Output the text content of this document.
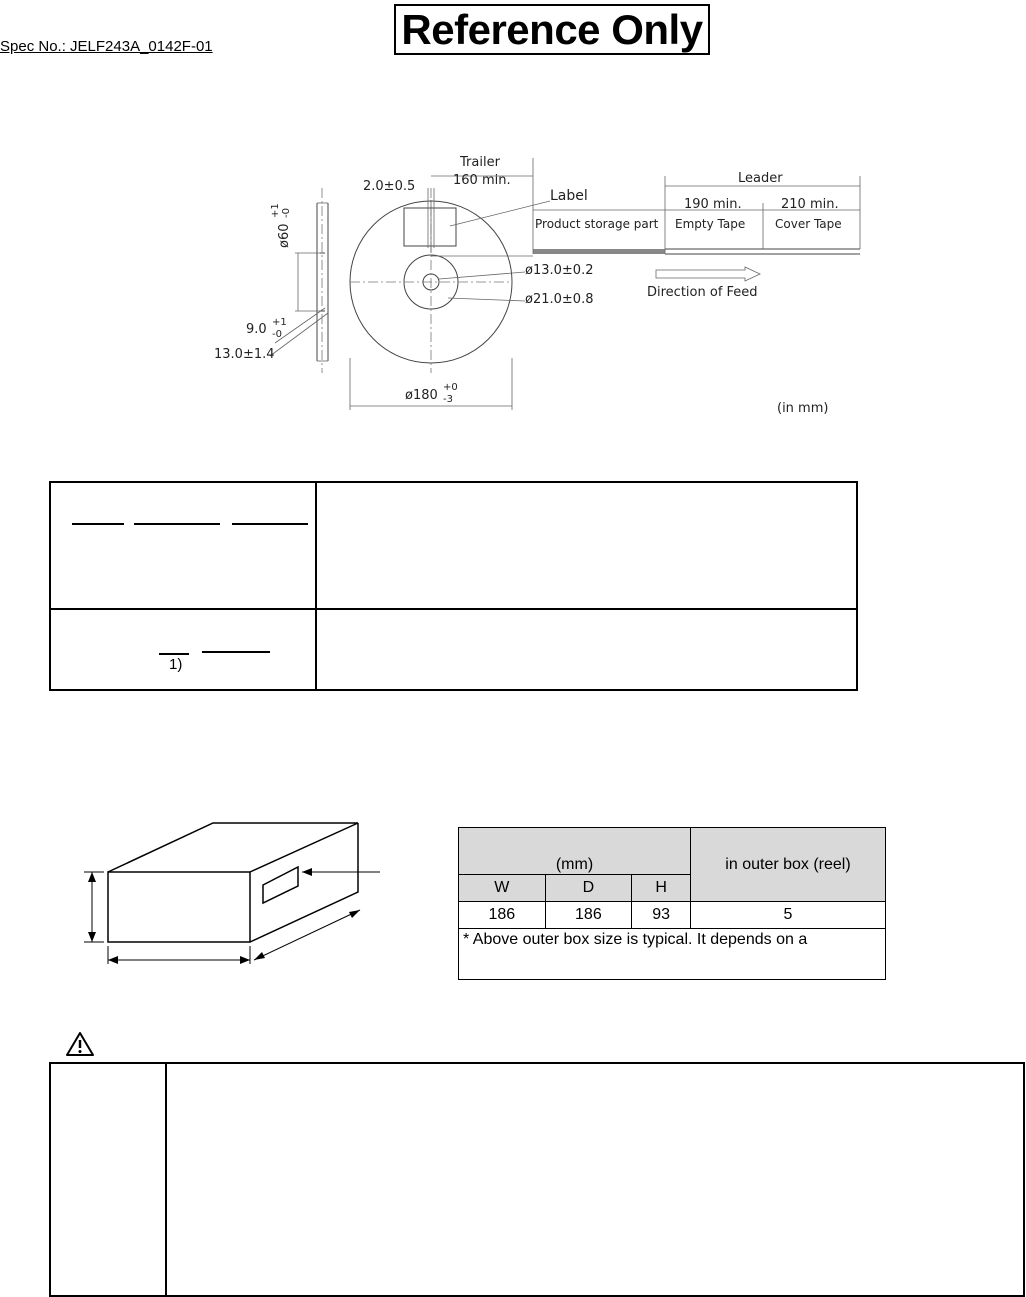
Spec No.: JELF243A_0142F-01	Reference Only
Trailer
160 min.
2.0±0.5
Label
Leader
190 min.	210 min.
Product storage part Empty Tape Cover Tape
ø13.0±0.2
ø21.0±0.8	Direction of Feed
ø60
+1 -0
9.0 +1
-0
13.0±1.4
ø180
+0
-3
(in mm)

1)
(mm)			in outer box (reel)
W	D	H	
186	186	93	5
* Above outer box size is typical. It depends on a			
